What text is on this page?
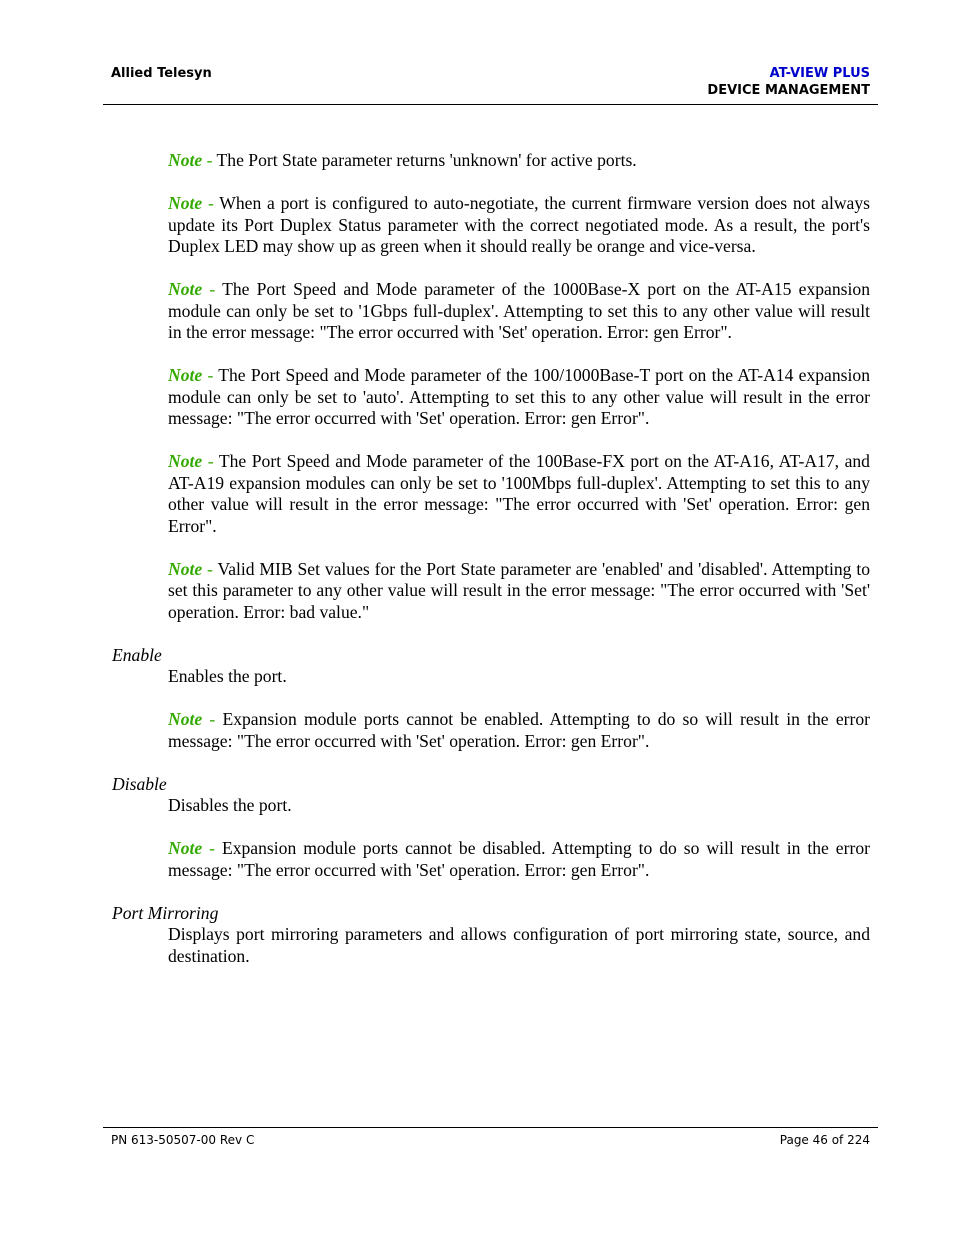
Allied Telesyn	AT-VIEW PLUS
DEVICE MANAGEMENT

Note - The Port State parameter returns 'unknown' for active ports.

Note - When a port is configured to auto-negotiate, the current firmware version does not always update its Port Duplex Status parameter with the correct negotiated mode. As a result, the port's Duplex LED may show up as green when it should really be orange and vice-versa.

Note - The Port Speed and Mode parameter of the 1000Base-X port on the AT-A15 expansion module can only be set to '1Gbps full-duplex'. Attempting to set this to any other value will result in the error message: "The error occurred with 'Set' operation. Error: gen Error".

Note - The Port Speed and Mode parameter of the 100/1000Base-T port on the AT-A14 expansion module can only be set to 'auto'. Attempting to set this to any other value will result in the error message: "The error occurred with 'Set' operation. Error: gen Error".

Note - The Port Speed and Mode parameter of the 100Base-FX port on the AT-A16, AT-A17, and AT-A19 expansion modules can only be set to '100Mbps full-duplex'. Attempting to set this to any other value will result in the error message: "The error occurred with 'Set' operation. Error: gen Error".

Note - Valid MIB Set values for the Port State parameter are 'enabled' and 'disabled'. Attempting to set this parameter to any other value will result in the error message: "The error occurred with 'Set' operation. Error: bad value."

Enable

Enables the port.

Note - Expansion module ports cannot be enabled. Attempting to do so will result in the error message: "The error occurred with 'Set' operation. Error: gen Error".

Disable

Disables the port.

Note - Expansion module ports cannot be disabled. Attempting to do so will result in the error message: "The error occurred with 'Set' operation. Error: gen Error".

Port Mirroring

Displays port mirroring parameters and allows configuration of port mirroring state, source, and destination.

PN 613-50507-00 Rev C	Page 46 of 224
